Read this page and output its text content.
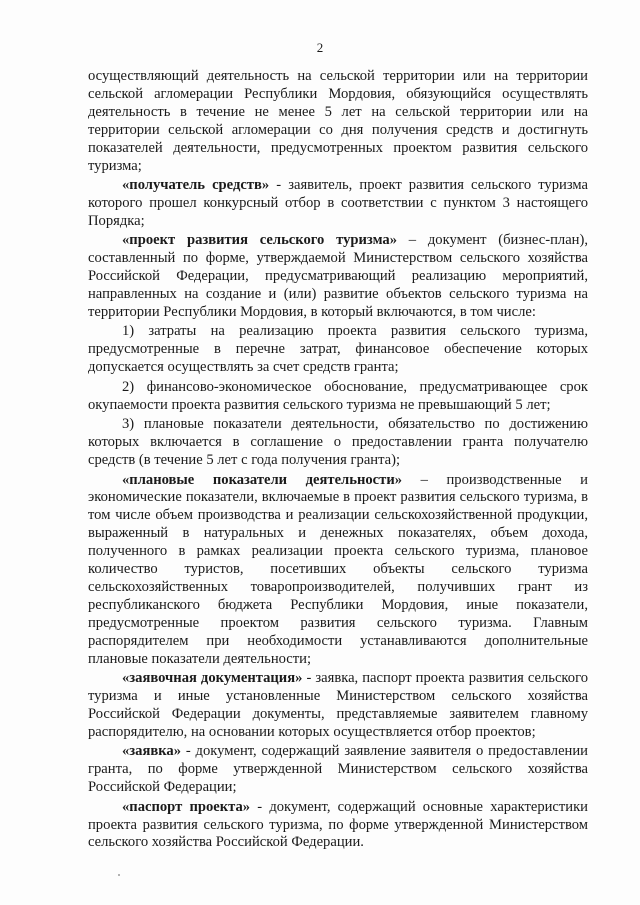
2

осуществляющий деятельность на сельской территории или на территории сельской агломерации Республики Мордовия, обязующийся осуществлять деятельность в течение не менее 5 лет на сельской территории или на территории сельской агломерации со дня получения средств и достигнуть показателей деятельности, предусмотренных проектом развития сельского туризма;

«получатель средств» - заявитель, проект развития сельского туризма которого прошел конкурсный отбор в соответствии с пунктом 3 настоящего Порядка;

«проект развития сельского туризма» – документ (бизнес-план), составленный по форме, утверждаемой Министерством сельского хозяйства Российской Федерации, предусматривающий реализацию мероприятий, направленных на создание и (или) развитие объектов сельского туризма на территории Республики Мордовия, в который включаются, в том числе:

1) затраты на реализацию проекта развития сельского туризма, предусмотренные в перечне затрат, финансовое обеспечение которых допускается осуществлять за счет средств гранта;

2) финансово-экономическое обоснование, предусматривающее срок окупаемости проекта развития сельского туризма не превышающий 5 лет;

3) плановые показатели деятельности, обязательство по достижению которых включается в соглашение о предоставлении гранта получателю средств (в течение 5 лет с года получения гранта);

«плановые показатели деятельности» – производственные и экономические показатели, включаемые в проект развития сельского туризма, в том числе объем производства и реализации сельскохозяйственной продукции, выраженный в натуральных и денежных показателях, объем дохода, полученного в рамках реализации проекта сельского туризма, плановое количество туристов, посетивших объекты сельского туризма сельскохозяйственных товаропроизводителей, получивших грант из республиканского бюджета Республики Мордовия, иные показатели, предусмотренные проектом развития сельского туризма. Главным распорядителем при необходимости устанавливаются дополнительные плановые показатели деятельности;

«заявочная документация» - заявка, паспорт проекта развития сельского туризма и иные установленные Министерством сельского хозяйства Российской Федерации документы, представляемые заявителем главному распорядителю, на основании которых осуществляется отбор проектов;

«заявка» - документ, содержащий заявление заявителя о предоставлении гранта, по форме утвержденной Министерством сельского хозяйства Российской Федерации;

«паспорт проекта» - документ, содержащий основные характеристики проекта развития сельского туризма, по форме утвержденной Министерством сельского хозяйства Российской Федерации.
